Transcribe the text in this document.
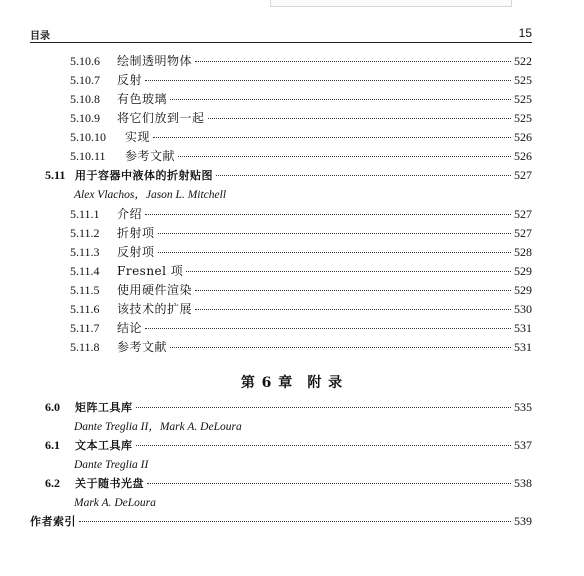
目录	15
5.10.6	绘制透明物体	522
5.10.7	反射	525
5.10.8	有色玻璃	525
5.10.9	将它们放到一起	525
5.10.10	实现	526
5.10.11	参考文献	526
5.11 用于容器中液体的折射贴图	527
Alex Vlachos，Jason L. Mitchell
5.11.1	介绍	527
5.11.2	折射项	527
5.11.3	反射项	528
5.11.4	Fresnel 项	529
5.11.5	使用硬件渲染	529
5.11.6	该技术的扩展	530
5.11.7	结论	531
5.11.8	参考文献	531
第 6 章 附 录
6.0	矩阵工具库	535
Dante Treglia II，Mark A. DeLoura
6.1	文本工具库	537
Dante Treglia II
6.2	关于随书光盘	538
Mark A. DeLoura
作者索引	539
